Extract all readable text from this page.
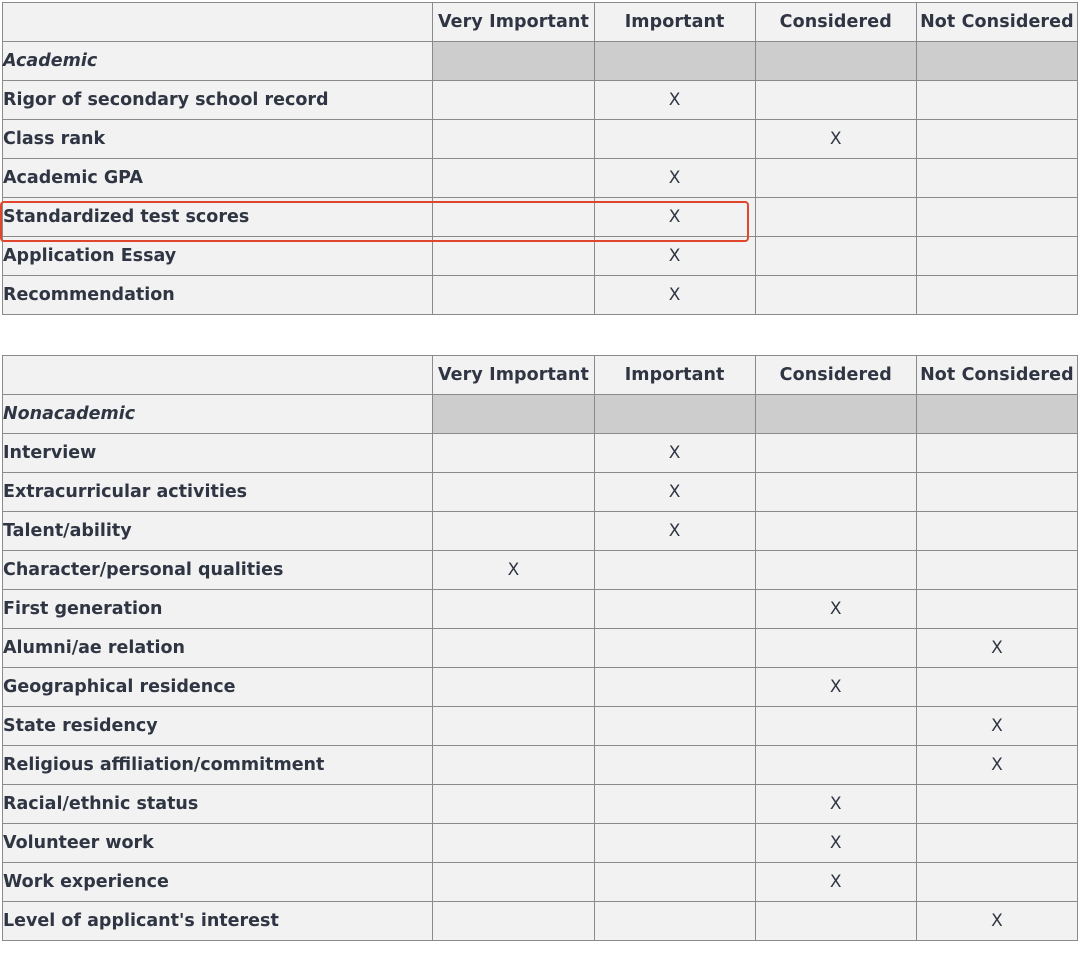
	Very Important	Important	Considered	Not Considered
Academic				
Rigor of secondary school record		X		
Class rank			X	
Academic GPA		X		
Standardized test scores		X		
Application Essay		X		
Recommendation		X		
	Very Important	Important	Considered	Not Considered
Nonacademic				
Interview		X		
Extracurricular activities		X		
Talent/ability		X		
Character/personal qualities	X			
First generation			X	
Alumni/ae relation				X
Geographical residence			X	
State residency				X
Religious affiliation/commitment				X
Racial/ethnic status			X	
Volunteer work			X	
Work experience			X	
Level of applicant's interest				X
